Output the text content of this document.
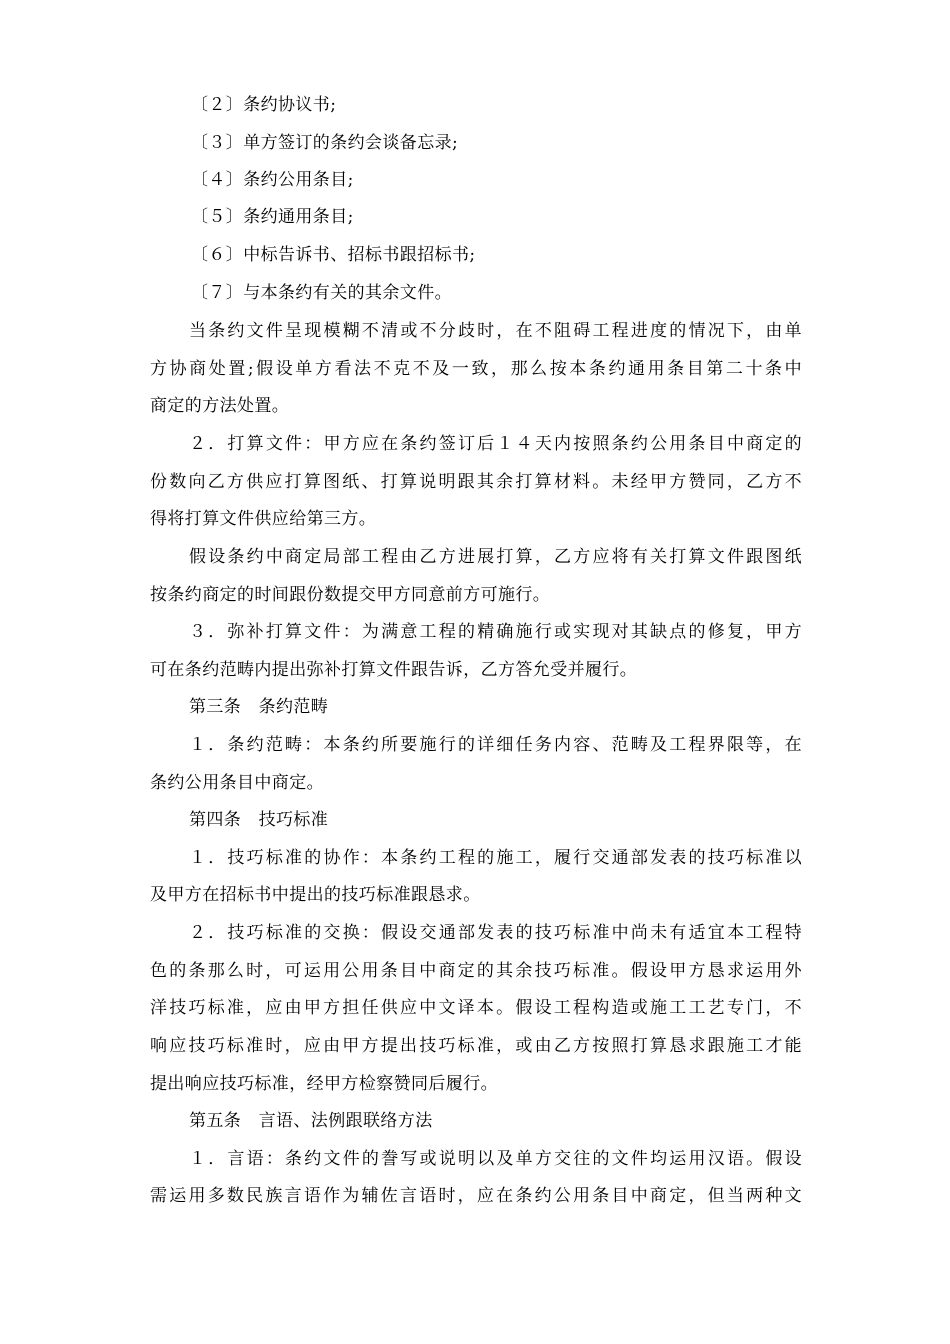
〔２〕条约协议书;
〔３〕单方签订的条约会谈备忘录;
〔４〕条约公用条目;
〔５〕条约通用条目;
〔６〕中标告诉书、招标书跟招标书;
〔７〕与本条约有关的其余文件。
当条约文件呈现模糊不清或不分歧时，在不阻碍工程进度的情况下，由单
方协商处置;假设单方看法不克不及一致，那么按本条约通用条目第二十条中
商定的方法处置。
２．打算文件：甲方应在条约签订后１４天内按照条约公用条目中商定的
份数向乙方供应打算图纸、打算说明跟其余打算材料。未经甲方赞同，乙方不
得将打算文件供应给第三方。
假设条约中商定局部工程由乙方进展打算，乙方应将有关打算文件跟图纸
按条约商定的时间跟份数提交甲方同意前方可施行。
３．弥补打算文件：为满意工程的精确施行或实现对其缺点的修复，甲方
可在条约范畴内提出弥补打算文件跟告诉，乙方答允受并履行。
第三条　条约范畴
１．条约范畴：本条约所要施行的详细任务内容、范畴及工程界限等，在
条约公用条目中商定。
第四条　技巧标准
１．技巧标准的协作：本条约工程的施工，履行交通部发表的技巧标准以
及甲方在招标书中提出的技巧标准跟恳求。
２．技巧标准的交换：假设交通部发表的技巧标准中尚未有适宜本工程特
色的条那么时，可运用公用条目中商定的其余技巧标准。假设甲方恳求运用外
洋技巧标准，应由甲方担任供应中文译本。假设工程构造或施工工艺专门，不
响应技巧标准时，应由甲方提出技巧标准，或由乙方按照打算恳求跟施工才能
提出响应技巧标准，经甲方检察赞同后履行。
第五条　言语、法例跟联络方法
１．言语：条约文件的誊写或说明以及单方交往的文件均运用汉语。假设
需运用多数民族言语作为辅佐言语时，应在条约公用条目中商定，但当两种文
